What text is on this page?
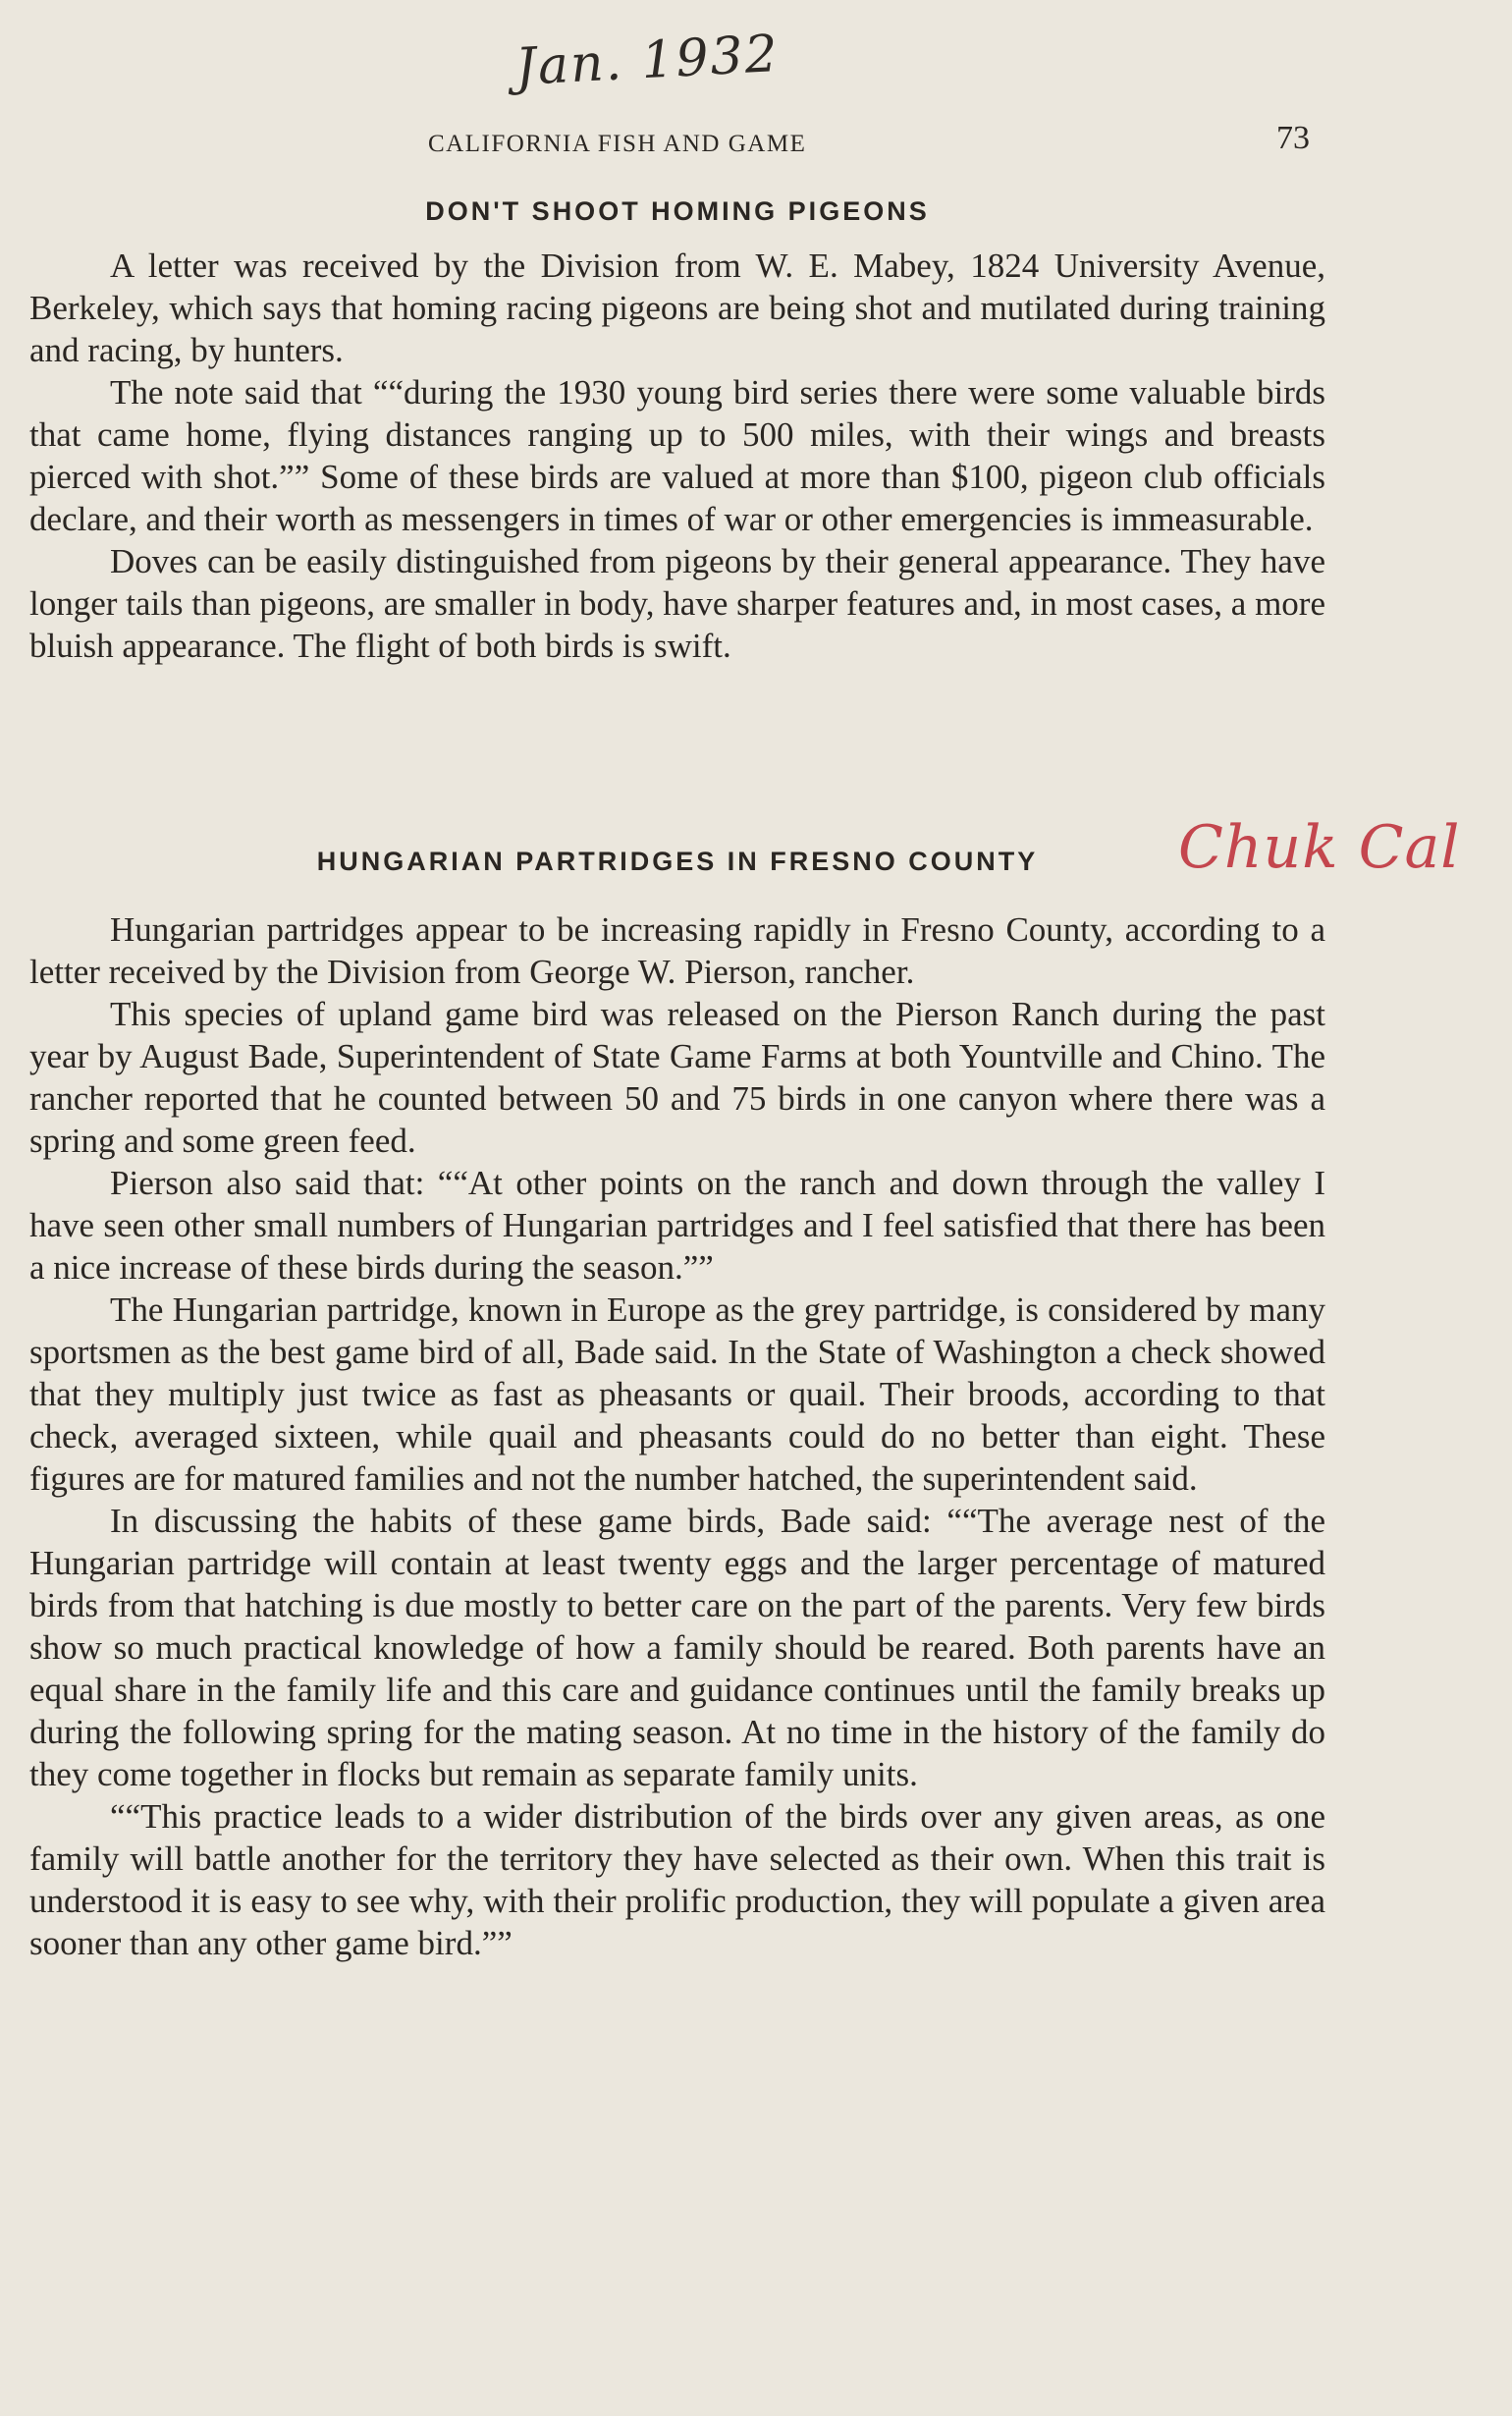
Jan. 1932
CALIFORNIA FISH AND GAME	73
DON'T SHOOT HOMING PIGEONS

A letter was received by the Division from W. E. Mabey, 1824 University Avenue, Berkeley, which says that homing racing pigeons are being shot and mutilated during training and racing, by hunters.

The note said that ““during the 1930 young bird series there were some valuable birds that came home, flying distances ranging up to 500 miles, with their wings and breasts pierced with shot.”” Some of these birds are valued at more than $100, pigeon club officials declare, and their worth as messengers in times of war or other emergencies is immeasurable.

Doves can be easily distinguished from pigeons by their general appearance. They have longer tails than pigeons, are smaller in body, have sharper features and, in most cases, a more bluish appearance. The flight of both birds is swift.

HUNGARIAN PARTRIDGES IN FRESNO COUNTY	Chuk Cal

Hungarian partridges appear to be increasing rapidly in Fresno County, according to a letter received by the Division from George W. Pierson, rancher.

This species of upland game bird was released on the Pierson Ranch during the past year by August Bade, Superintendent of State Game Farms at both Yountville and Chino. The rancher reported that he counted between 50 and 75 birds in one canyon where there was a spring and some green feed.

Pierson also said that: ““At other points on the ranch and down through the valley I have seen other small numbers of Hungarian partridges and I feel satisfied that there has been a nice increase of these birds during the season.””

The Hungarian partridge, known in Europe as the grey partridge, is considered by many sportsmen as the best game bird of all, Bade said. In the State of Washington a check showed that they multiply just twice as fast as pheasants or quail. Their broods, according to that check, averaged sixteen, while quail and pheasants could do no better than eight. These figures are for matured families and not the number hatched, the superintendent said.

In discussing the habits of these game birds, Bade said: ““The average nest of the Hungarian partridge will contain at least twenty eggs and the larger percentage of matured birds from that hatching is due mostly to better care on the part of the parents. Very few birds show so much practical knowledge of how a family should be reared. Both parents have an equal share in the family life and this care and guidance continues until the family breaks up during the following spring for the mating season. At no time in the history of the family do they come together in flocks but remain as separate family units.

““This practice leads to a wider distribution of the birds over any given areas, as one family will battle another for the territory they have selected as their own. When this trait is understood it is easy to see why, with their prolific production, they will populate a given area sooner than any other game bird.””
